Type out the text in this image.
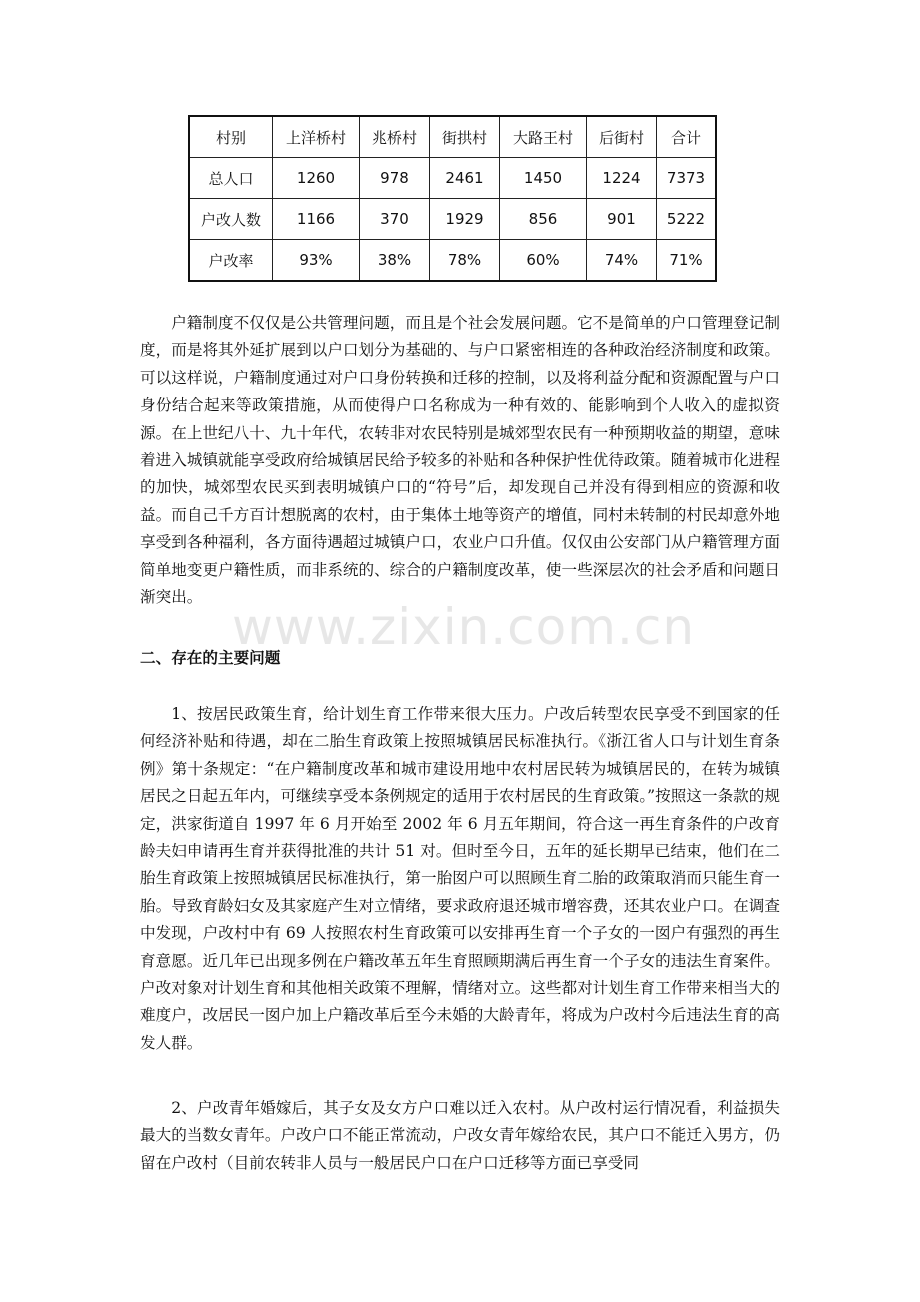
村别	上洋桥村	兆桥村	街拱村	大路王村	后街村	合计
总人口	1260	978	2461	1450	1224	7373
户改人数	1166	370	1929	856	901	5222
户改率	93%	38%	78%	60%	74%	71%

户籍制度不仅仅是公共管理问题，而且是个社会发展问题。它不是简单的户口管理登记制度，而是将其外延扩展到以户口划分为基础的、与户口紧密相连的各种政治经济制度和政策。可以这样说，户籍制度通过对户口身份转换和迁移的控制，以及将利益分配和资源配置与户口身份结合起来等政策措施，从而使得户口名称成为一种有效的、能影响到个人收入的虚拟资源。在上世纪八十、九十年代，农转非对农民特别是城郊型农民有一种预期收益的期望，意味着进入城镇就能享受政府给城镇居民给予较多的补贴和各种保护性优待政策。随着城市化进程的加快，城郊型农民买到表明城镇户口的“符号”后，却发现自己并没有得到相应的资源和收益。而自己千方百计想脱离的农村，由于集体土地等资产的增值，同村未转制的村民却意外地享受到各种福利，各方面待遇超过城镇户口，农业户口升值。仅仅由公安部门从户籍管理方面简单地变更户籍性质，而非系统的、综合的户籍制度改革，使一些深层次的社会矛盾和问题日渐突出。

www.zixin.com.cn
二、存在的主要问题

1、按居民政策生育，给计划生育工作带来很大压力。户改后转型农民享受不到国家的任何经济补贴和待遇，却在二胎生育政策上按照城镇居民标准执行。《浙江省人口与计划生育条例》第十条规定：“在户籍制度改革和城市建设用地中农村居民转为城镇居民的，在转为城镇居民之日起五年内，可继续享受本条例规定的适用于农村居民的生育政策。”按照这一条款的规定，洪家街道自 1997 年 6 月开始至 2002 年 6 月五年期间，符合这一再生育条件的户改育龄夫妇申请再生育并获得批准的共计 51 对。但时至今日，五年的延长期早已结束，他们在二胎生育政策上按照城镇居民标准执行，第一胎囡户可以照顾生育二胎的政策取消而只能生育一胎。导致育龄妇女及其家庭产生对立情绪，要求政府退还城市增容费，还其农业户口。在调查中发现，户改村中有 69 人按照农村生育政策可以安排再生育一个子女的一囡户有强烈的再生育意愿。近几年已出现多例在户籍改革五年生育照顾期满后再生育一个子女的违法生育案件。户改对象对计划生育和其他相关政策不理解，情绪对立。这些都对计划生育工作带来相当大的难度户，改居民一囡户加上户籍改革后至今未婚的大龄青年，将成为户改村今后违法生育的高发人群。

2、户改青年婚嫁后，其子女及女方户口难以迁入农村。从户改村运行情况看，利益损失最大的当数女青年。户改户口不能正常流动，户改女青年嫁给农民，其户口不能迁入男方，仍留在户改村（目前农转非人员与一般居民户口在户口迁移等方面已享受同
